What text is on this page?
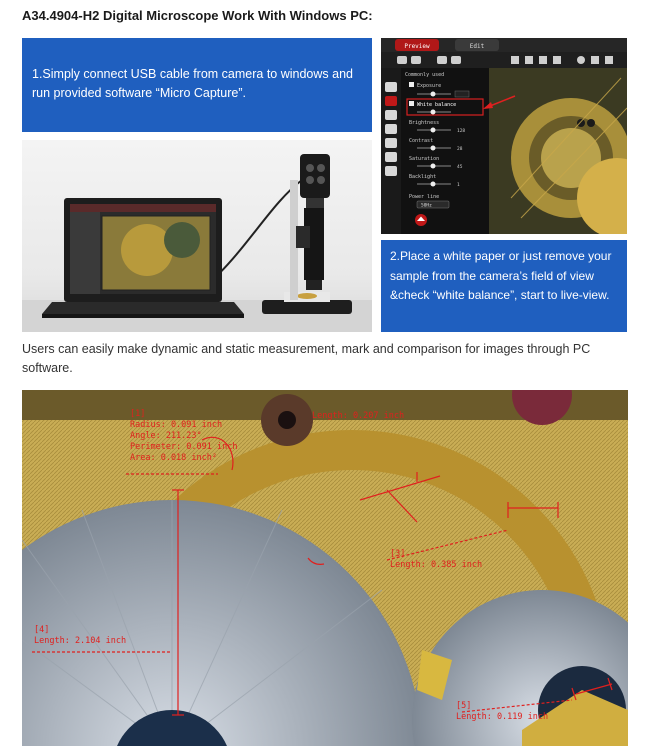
A34.4904-H2 Digital Microscope Work With Windows PC:
1.Simply connect USB cable from camera to windows and run provided software “Micro Capture”.
Preview	Edit
Commonly used
Exposure
White balance
Brightness
128
Contrast
28
Saturation
45
Backlight
1
Power line
50Hz
2.Place a white paper or just remove your sample from the camera’s field of view &check “white balance”, start to live-view.
Users can easily make dynamic and static measurement, mark and comparison for images through PC software.
[1]
Radius: 0.091 inch
Angle: 211.23°
Perimeter: 0.091 inch
Area: 0.018 inch²
Length: 0.207 inch
[3]
Length: 0.385 inch
[4]
Length: 2.104 inch
[5]
Length: 0.119 inch
